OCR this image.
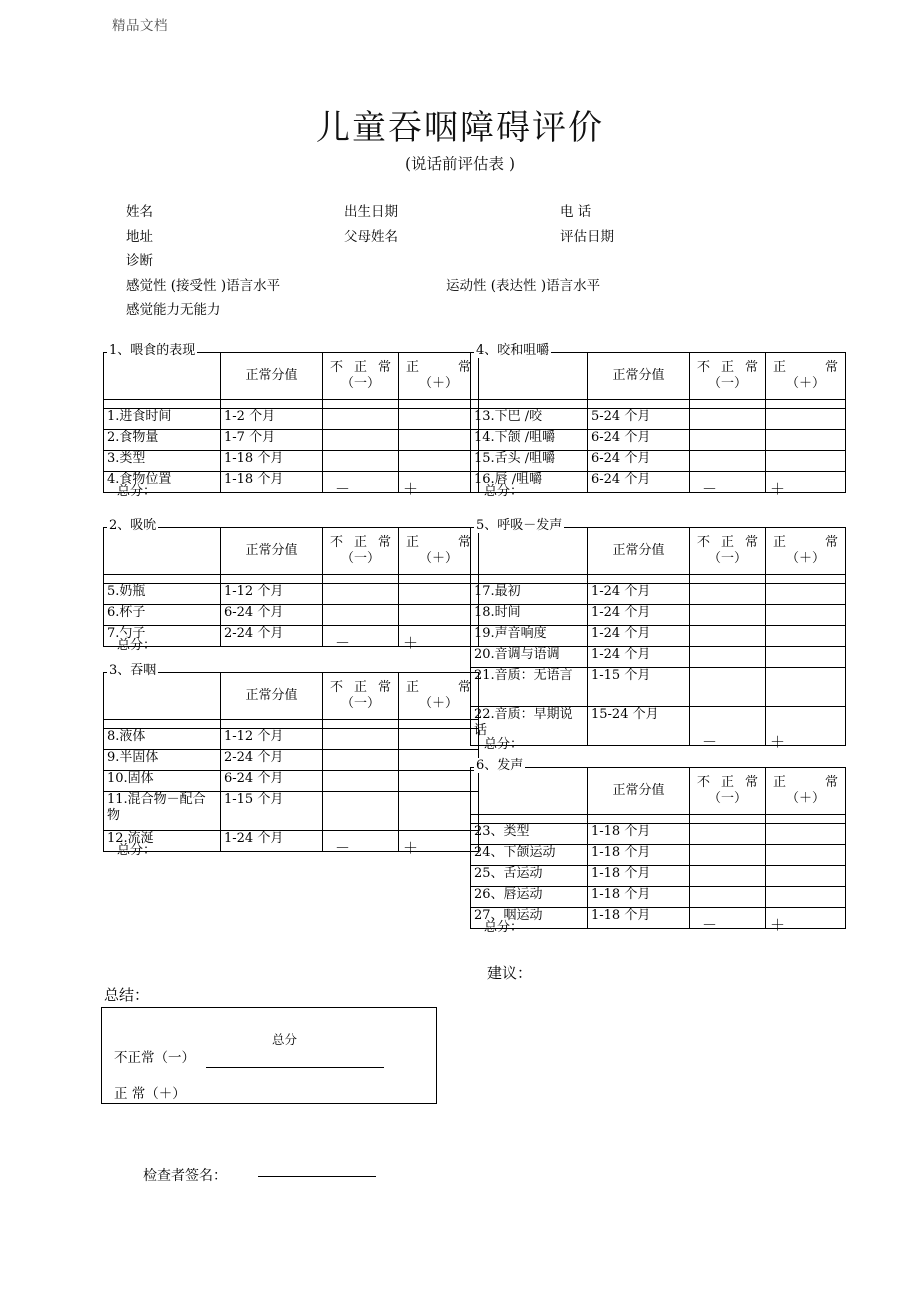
精品文档
儿童吞咽障碍评价
(说话前评估表 )
姓名	出生日期	电 话
地址	父母姓名	评估日期
诊断
感觉性 (接受性 )语言水平	运动性 (表达性 )语言水平
感觉能力无能力
1、喂食的表现
	正常分值	不正常
（一）	正 常
（＋）

1.进食时间	1-2 个月		
2.食物量	1-7 个月		
3.类型	1-18 个月		
4.食物位置	1-18 个月		
总分：	－	＋
2、吸吮
	正常分值	不正常
（一）	正 常
（＋）

5.奶瓶	1-12 个月		
6.杯子	6-24 个月		
7.勺子	2-24 个月		
总分：	－	＋
3、吞咽
	正常分值	不正常
（一）	正 常
（＋）

8.液体	1-12 个月		
9.半固体	2-24 个月		
10.固体	6-24 个月		
11.混合物－配合物	1-15 个月		
12.流涎	1-24 个月		
总分：	－	＋
4、咬和咀嚼
	正常分值	不正常
（一）	正 常
（＋）

13.下巴 /咬	5-24 个月		
14.下颌 /咀嚼	6-24 个月		
15.舌头 /咀嚼	6-24 个月		
16.唇 /咀嚼	6-24 个月		
总分：	－	＋
5、呼吸－发声
	正常分值	不正常
（一）	正 常
（＋）

17.最初	1-24 个月		
18.时间	1-24 个月		
19.声音响度	1-24 个月		
20.音调与语调	1-24 个月		
21.音质：无语言	1-15 个月		
22.音质：早期说话	15-24 个月		
总分：	－	＋
6、发声
	正常分值	不正常
（一）	正 常
（＋）

23、类型	1-18 个月		
24、下颌运动	1-18 个月		
25、舌运动	1-18 个月		
26、唇运动	1-18 个月		
27、咽运动	1-18 个月		
总分：	－	＋
总结：
总分
不正常（一）
正 常（＋）
建议：
检查者签名：
